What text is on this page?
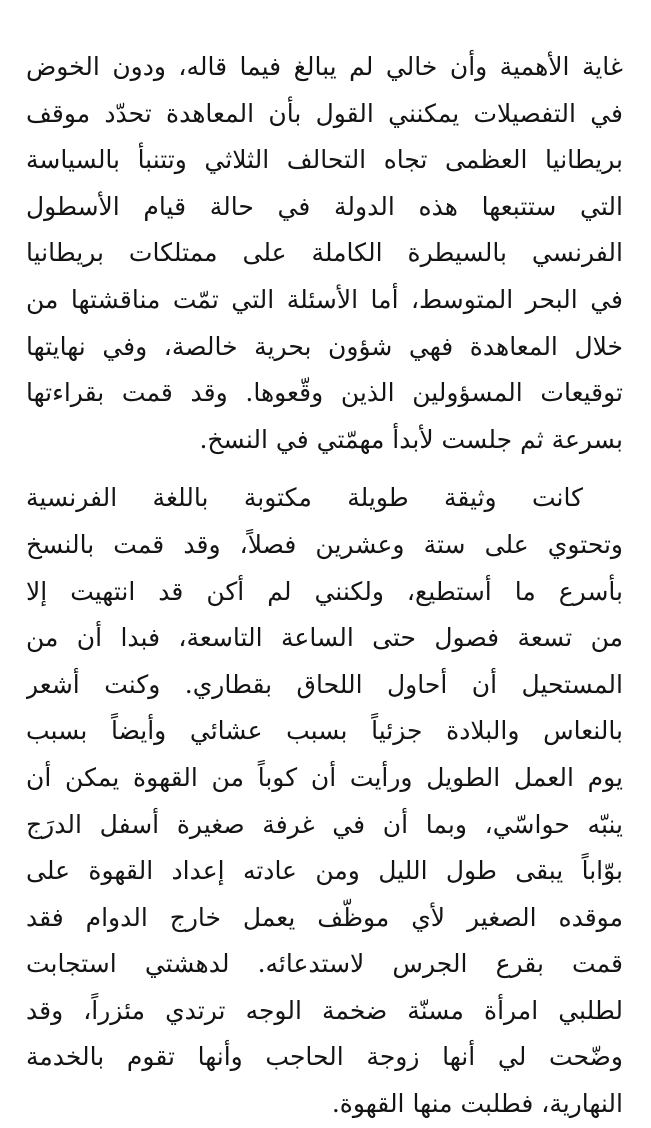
غاية الأهمية وأن خالي لم يبالغ فيما قاله، ودون الخوض
في التفصيلات يمكنني القول بأن المعاهدة تحدّد موقف
بريطانيا العظمى تجاه التحالف الثلاثي وتتنبأ بالسياسة
التي ستتبعها هذه الدولة في حالة قيام الأسطول
الفرنسي بالسيطرة الكاملة على ممتلكات بريطانيا
في البحر المتوسط، أما الأسئلة التي تمّت مناقشتها من
خلال المعاهدة فهي شؤون بحرية خالصة، وفي نهايتها
توقيعات المسؤولين الذين وقّعوها. وقد قمت بقراءتها
بسرعة ثم جلست لأبدأ مهمّتي في النسخ.
كانت وثيقة طويلة مكتوبة باللغة الفرنسية
وتحتوي على ستة وعشرين فصلاً، وقد قمت بالنسخ
بأسرع ما أستطيع، ولكنني لم أكن قد انتهيت إلا
من تسعة فصول حتى الساعة التاسعة، فبدا أن من
المستحيل أن أحاول اللحاق بقطاري. وكنت أشعر
بالنعاس والبلادة جزئياً بسبب عشائي وأيضاً بسبب
يوم العمل الطويل ورأيت أن كوباً من القهوة يمكن أن
ينبّه حواسّي، وبما أن في غرفة صغيرة أسفل الدرَج
بوّاباً يبقى طول الليل ومن عادته إعداد القهوة على
موقده الصغير لأي موظّف يعمل خارج الدوام فقد
قمت بقرع الجرس لاستدعائه. لدهشتي استجابت
لطلبي امرأة مسنّة ضخمة الوجه ترتدي مئزراً، وقد
وضّحت لي أنها زوجة الحاجب وأنها تقوم بالخدمة
النهارية، فطلبت منها القهوة.
